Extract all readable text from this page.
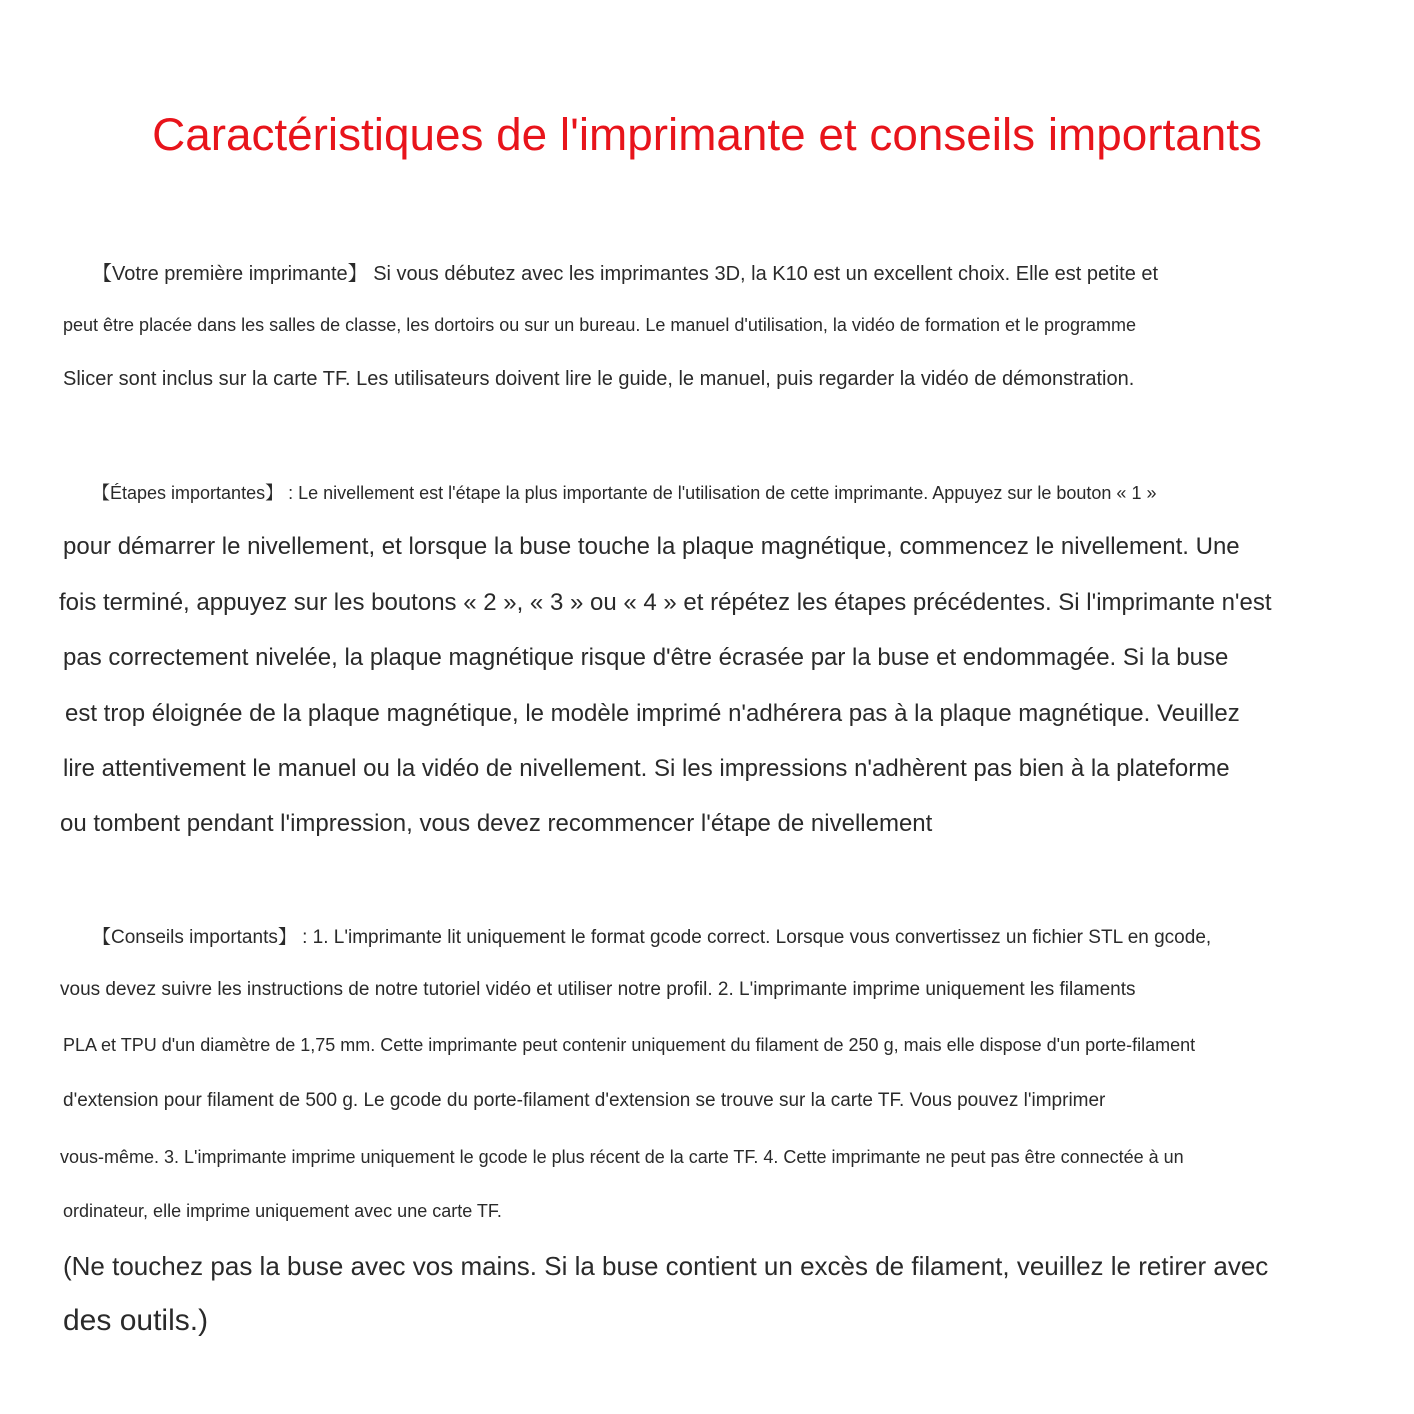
Caractéristiques de l'imprimante et conseils importants

【Votre première imprimante】 Si vous débutez avec les imprimantes 3D, la K10 est un excellent choix. Elle est petite et

peut être placée dans les salles de classe, les dortoirs ou sur un bureau. Le manuel d'utilisation, la vidéo de formation et le programme

Slicer sont inclus sur la carte TF. Les utilisateurs doivent lire le guide, le manuel, puis regarder la vidéo de démonstration.

【Étapes importantes】 : Le nivellement est l'étape la plus importante de l'utilisation de cette imprimante. Appuyez sur le bouton « 1 »

pour démarrer le nivellement, et lorsque la buse touche la plaque magnétique, commencez le nivellement. Une

fois terminé, appuyez sur les boutons « 2 », « 3 » ou « 4 » et répétez les étapes précédentes. Si l'imprimante n'est

pas correctement nivelée, la plaque magnétique risque d'être écrasée par la buse et endommagée. Si la buse

est trop éloignée de la plaque magnétique, le modèle imprimé n'adhérera pas à la plaque magnétique. Veuillez

lire attentivement le manuel ou la vidéo de nivellement. Si les impressions n'adhèrent pas bien à la plateforme

ou tombent pendant l'impression, vous devez recommencer l'étape de nivellement

【Conseils importants】 : 1. L'imprimante lit uniquement le format gcode correct. Lorsque vous convertissez un fichier STL en gcode,

vous devez suivre les instructions de notre tutoriel vidéo et utiliser notre profil. 2. L'imprimante imprime uniquement les filaments

PLA et TPU d'un diamètre de 1,75 mm. Cette imprimante peut contenir uniquement du filament de 250 g, mais elle dispose d'un porte-filament

d'extension pour filament de 500 g. Le gcode du porte-filament d'extension se trouve sur la carte TF. Vous pouvez l'imprimer

vous-même. 3. L'imprimante imprime uniquement le gcode le plus récent de la carte TF. 4. Cette imprimante ne peut pas être connectée à un

ordinateur, elle imprime uniquement avec une carte TF.

(Ne touchez pas la buse avec vos mains. Si la buse contient un excès de filament, veuillez le retirer avec

des outils.)
